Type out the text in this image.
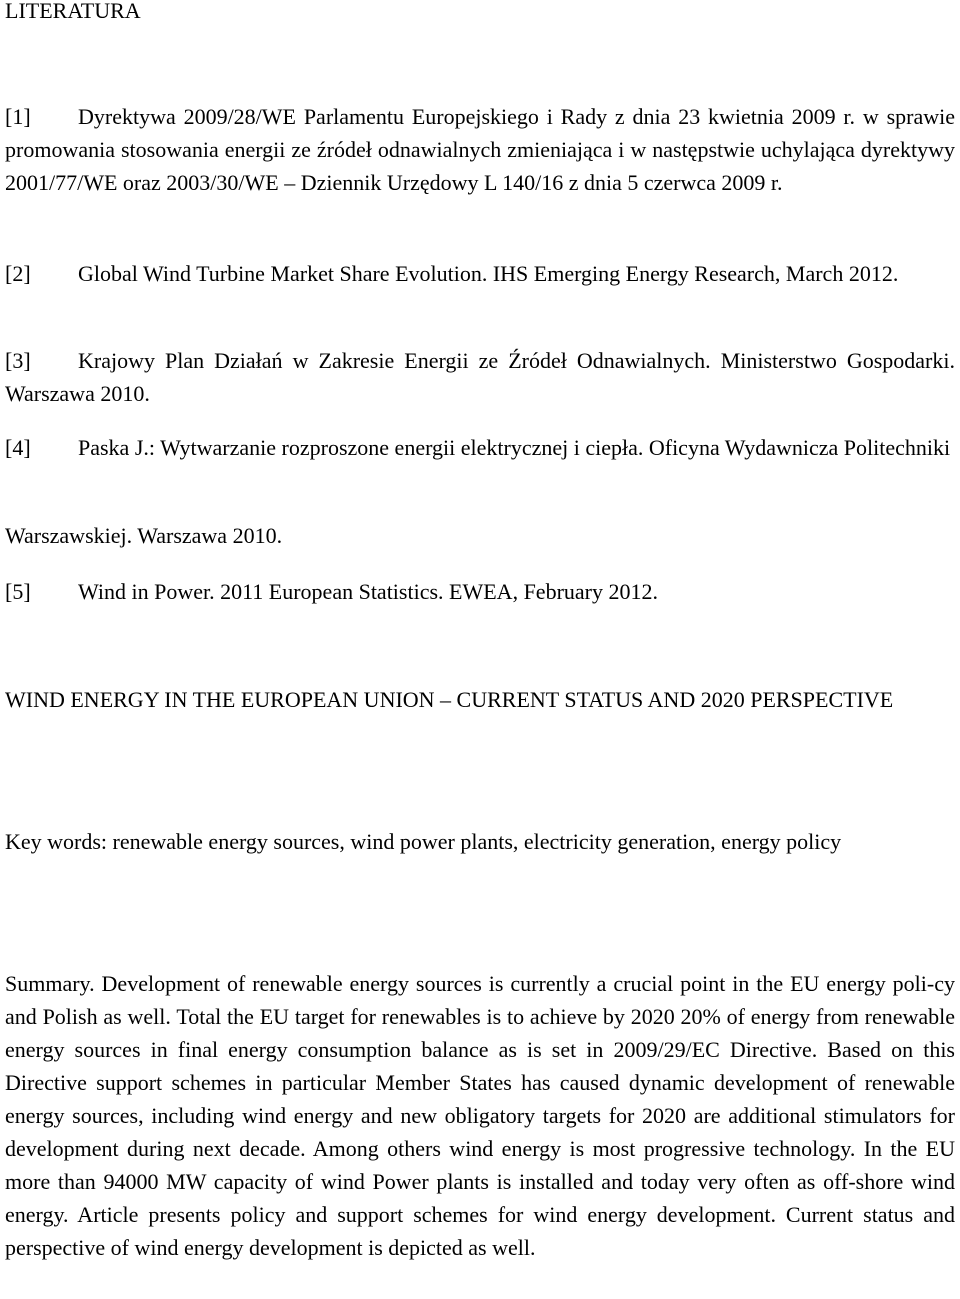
LITERATURA
[1] Dyrektywa 2009/28/WE Parlamentu Europejskiego i Rady z dnia 23 kwietnia 2009 r. w sprawie promowania stosowania energii ze źródeł odnawialnych zmieniająca i w następstwie uchylająca dyrektywy 2001/77/WE oraz 2003/30/WE – Dziennik Urzędowy L 140/16 z dnia 5 czerwca 2009 r.
[2] Global Wind Turbine Market Share Evolution. IHS Emerging Energy Research, March 2012.
[3] Krajowy Plan Działań w Zakresie Energii ze Źródeł Odnawialnych. Ministerstwo Gospodarki. Warszawa 2010.
[4] Paska J.: Wytwarzanie rozproszone energii elektrycznej i ciepła. Oficyna Wydawnicza Politechniki
Warszawskiej. Warszawa 2010.
[5] Wind in Power. 2011 European Statistics. EWEA, February 2012.
WIND ENERGY IN THE EUROPEAN UNION – CURRENT STATUS AND 2020 PERSPECTIVE
Key words: renewable energy sources, wind power plants, electricity generation, energy policy
Summary. Development of renewable energy sources is currently a crucial point in the EU energy poli-cy and Polish as well. Total the EU target for renewables is to achieve by 2020 20% of energy from renewable energy sources in final energy consumption balance as is set in 2009/29/EC Directive. Based on this Directive support schemes in particular Member States has caused dynamic development of renewable energy sources, including wind energy and new obligatory targets for 2020 are additional stimulators for development during next decade. Among others wind energy is most progressive technology. In the EU more than 94000 MW capacity of wind Power plants is installed and today very often as off-shore wind energy. Article presents policy and support schemes for wind energy development. Current status and perspective of wind energy development is depicted as well.
